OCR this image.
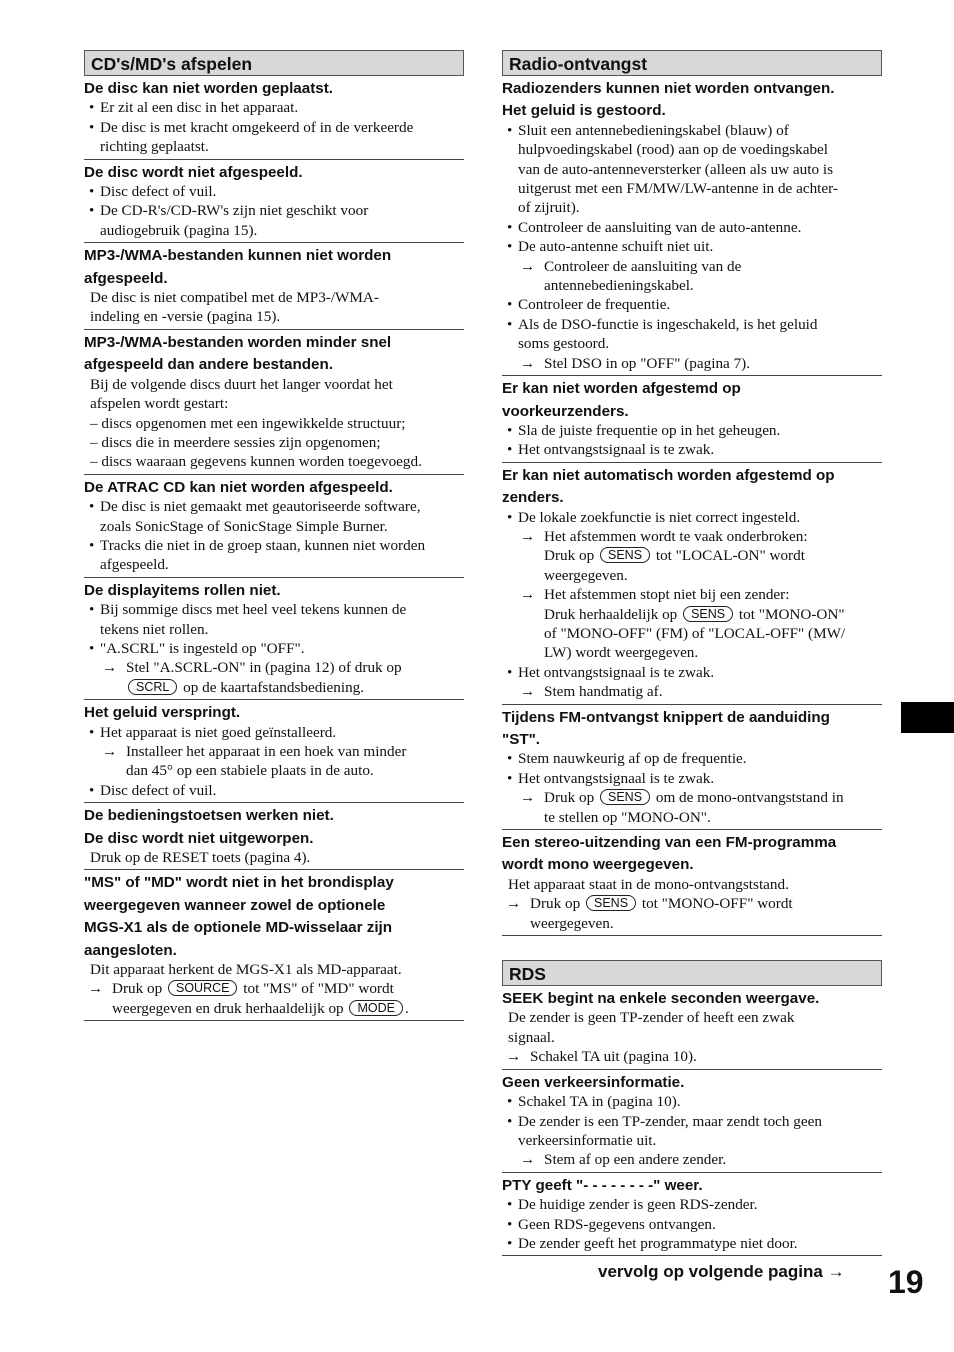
CD's/MD's afspelen
De disc kan niet worden geplaatst.
• Er zit al een disc in het apparaat.
• De disc is met kracht omgekeerd of in de verkeerde
richting geplaatst.
De disc wordt niet afgespeeld.
• Disc defect of vuil.
• De CD-R's/CD-RW's zijn niet geschikt voor
audiogebruik (pagina 15).
MP3-/WMA-bestanden kunnen niet worden
afgespeeld.
De disc is niet compatibel met de MP3-/WMA-
indeling en -versie (pagina 15).
MP3-/WMA-bestanden worden minder snel
afgespeeld dan andere bestanden.
Bij de volgende discs duurt het langer voordat het
afspelen wordt gestart:
– discs opgenomen met een ingewikkelde structuur;
– discs die in meerdere sessies zijn opgenomen;
– discs waaraan gegevens kunnen worden toegevoegd.
De ATRAC CD kan niet worden afgespeeld.
• De disc is niet gemaakt met geautoriseerde software,
zoals SonicStage of SonicStage Simple Burner.
• Tracks die niet in de groep staan, kunnen niet worden
afgespeeld.
De displayitems rollen niet.
• Bij sommige discs met heel veel tekens kunnen de
tekens niet rollen.
• "A.SCRL" is ingesteld op "OFF".
→ Stel "A.SCRL-ON" in (pagina 12) of druk op
SCRL op de kaartafstandsbediening.
Het geluid verspringt.
• Het apparaat is niet goed geïnstalleerd.
→ Installeer het apparaat in een hoek van minder
dan 45° op een stabiele plaats in de auto.
• Disc defect of vuil.
De bedieningstoetsen werken niet.
De disc wordt niet uitgeworpen.
Druk op de RESET toets (pagina 4).
"MS" of "MD" wordt niet in het brondisplay
weergegeven wanneer zowel de optionele
MGS-X1 als de optionele MD-wisselaar zijn
aangesloten.
Dit apparaat herkent de MGS-X1 als MD-apparaat.
→ Druk op SOURCE tot "MS" of "MD" wordt
weergegeven en druk herhaaldelijk op MODE .
Radio-ontvangst
Radiozenders kunnen niet worden ontvangen.
Het geluid is gestoord.
• Sluit een antennebedieningskabel (blauw) of
hulpvoedingskabel (rood) aan op de voedingskabel
van de auto-antenneversterker (alleen als uw auto is
uitgerust met een FM/MW/LW-antenne in de achter-
of zijruit).
• Controleer de aansluiting van de auto-antenne.
• De auto-antenne schuift niet uit.
→ Controleer de aansluiting van de
antennebedieningskabel.
• Controleer de frequentie.
• Als de DSO-functie is ingeschakeld, is het geluid
soms gestoord.
→ Stel DSO in op "OFF" (pagina 7).
Er kan niet worden afgestemd op
voorkeurzenders.
• Sla de juiste frequentie op in het geheugen.
• Het ontvangstsignaal is te zwak.
Er kan niet automatisch worden afgestemd op
zenders.
• De lokale zoekfunctie is niet correct ingesteld.
→ Het afstemmen wordt te vaak onderbroken:
Druk op SENS tot "LOCAL-ON" wordt
weergegeven.
→ Het afstemmen stopt niet bij een zender:
Druk herhaaldelijk op SENS tot "MONO-ON"
of "MONO-OFF" (FM) of "LOCAL-OFF" (MW/
LW) wordt weergegeven.
• Het ontvangstsignaal is te zwak.
→ Stem handmatig af.
Tijdens FM-ontvangst knippert de aanduiding
"ST".
• Stem nauwkeurig af op de frequentie.
• Het ontvangstsignaal is te zwak.
→ Druk op SENS om de mono-ontvangststand in
te stellen op "MONO-ON".
Een stereo-uitzending van een FM-programma
wordt mono weergegeven.
Het apparaat staat in de mono-ontvangststand.
→ Druk op SENS tot "MONO-OFF" wordt
weergegeven.
RDS
SEEK begint na enkele seconden weergave.
De zender is geen TP-zender of heeft een zwak
signaal.
→ Schakel TA uit (pagina 10).
Geen verkeersinformatie.
• Schakel TA in (pagina 10).
• De zender is een TP-zender, maar zendt toch geen
verkeersinformatie uit.
→ Stem af op een andere zender.
PTY geeft "- - - - - - - -" weer.
• De huidige zender is geen RDS-zender.
• Geen RDS-gegevens ontvangen.
• De zender geeft het programmatype niet door.
vervolg op volgende pagina → 19
